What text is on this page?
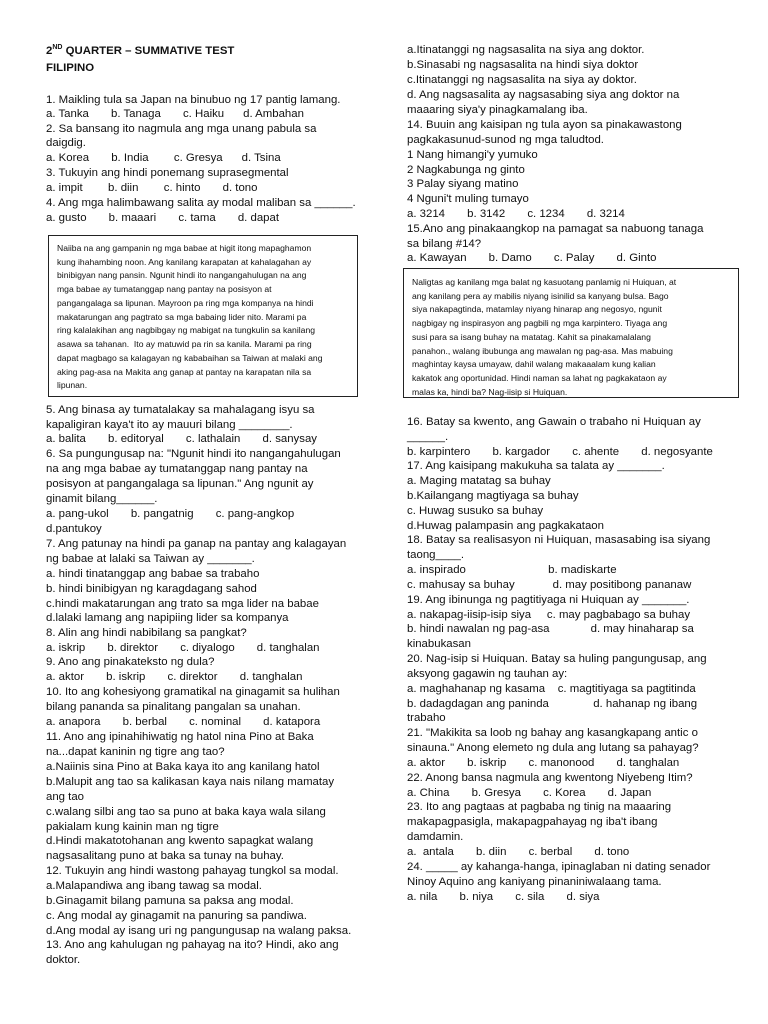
2ND QUARTER – SUMMATIVE TEST
FILIPINO
1. Maikling tula sa Japan na binubuo ng 17 pantig lamang.
a. Tanka       b. Tanaga       c. Haiku      d. Ambahan
2. Sa bansang ito nagmula ang mga unang pabula sa
daigdig.
a. Korea       b. India        c. Gresya      d. Tsina
3. Tukuyin ang hindi ponemang suprasegmental
a. impit        b. diin        c. hinto       d. tono
4. Ang mga halimbawang salita ay modal maliban sa ______.
a. gusto       b. maaari       c. tama       d. dapat
5. Ang binasa ay tumatalakay sa mahalagang isyu sa
kapaligiran kaya't ito ay mauuri bilang ________.
a. balita       b. editoryal       c. lathalain       d. sanysay
6. Sa pungungusap na: "Ngunit hindi ito nangangahulugan
na ang mga babae ay tumatanggap nang pantay na
posisyon at pangangalaga sa lipunan." Ang ngunit ay
ginamit bilang______.
a. pang-ukol       b. pangatnig       c. pang-angkop
d.pantukoy
7. Ang patunay na hindi pa ganap na pantay ang kalagayan
ng babae at lalaki sa Taiwan ay _______.
a. hindi tinatanggap ang babae sa trabaho
b. hindi binibigyan ng karagdagang sahod
c.hindi makatarungan ang trato sa mga lider na babae
d.lalaki lamang ang napipiing lider sa kompanya
8. Alin ang hindi nabibilang sa pangkat?
a. iskrip       b. direktor       c. diyalogo       d. tanghalan
9. Ano ang pinakateksto ng dula?
a. aktor       b. iskrip       c. direktor       d. tanghalan
10. Ito ang kohesiyong gramatikal na ginagamit sa hulihan
bilang pananda sa pinalitang pangalan sa unahan.
a. anapora       b. berbal       c. nominal       d. katapora
11. Ano ang ipinahihiwatig ng hatol nina Pino at Baka
na...dapat kaninin ng tigre ang tao?
a.Naiinis sina Pino at Baka kaya ito ang kanilang hatol
b.Malupit ang tao sa kalikasan kaya nais nilang mamatay
ang tao
c.walang silbi ang tao sa puno at baka kaya wala silang
pakialam kung kainin man ng tigre
d.Hindi makatotohanan ang kwento sapagkat walang
nagsasalitang puno at baka sa tunay na buhay.
12. Tukuyin ang hindi wastong pahayag tungkol sa modal.
a.Malapandiwa ang ibang tawag sa modal.
b.Ginagamit bilang pamuna sa paksa ang modal.
c. Ang modal ay ginagamit na panuring sa pandiwa.
d.Ang modal ay isang uri ng pangungusap na walang paksa.
13. Ano ang kahulugan ng pahayag na ito? Hindi, ako ang
doktor.
Naiiba na ang gampanin ng mga babae at higit itong mapaghamon
kung ihahambing noon. Ang kanilang karapatan at kahalagahan ay
binibigyan nang pansin. Ngunit hindi ito nangangahulugan na ang
mga babae ay tumatanggap nang pantay na posisyon at
pangangalaga sa lipunan. Mayroon pa ring mga kompanya na hindi
makatarungan ang pagtrato sa mga babaing lider nito. Marami pa
ring kalalakihan ang nagbibgay ng mabigat na tungkulin sa kanilang
asawa sa tahanan.  Ito ay matuwid pa rin sa kanila. Marami pa ring
dapat magbago sa kalagayan ng kababaihan sa Taiwan at malaki ang
aking pag-asa na Makita ang ganap at pantay na karapatan nila sa
lipunan.
a.Itinatanggi ng nagsasalita na siya ang doktor.
b.Sinasabi ng nagsasalita na hindi siya doktor
c.Itinatanggi ng nagsasalita na siya ay doktor.
d. Ang nagsasalita ay nagsasabing siya ang doktor na
maaaring siya'y pinagkamalang iba.
14. Buuin ang kaisipan ng tula ayon sa pinakawastong
pagkakasunud-sunod ng mga taludtod.
1 Nang himangi'y yumuko
2 Nagkabunga ng ginto
3 Palay siyang matino
4 Nguni't muling tumayo
a. 3214       b. 3142       c. 1234       d. 3214
15.Ano ang pinakaangkop na pamagat sa nabuong tanaga
sa bilang #14?
a. Kawayan       b. Damo       c. Palay       d. Ginto
16. Batay sa kwento, ang Gawain o trabaho ni Huiquan ay
______.
b. karpintero       b. kargador       c. ahente       d. negosyante
17. Ang kaisipang makukuha sa talata ay _______.
a. Maging matatag sa buhay
b.Kailangang magtiyaga sa buhay
c. Huwag susuko sa buhay
d.Huwag palampasin ang pagkakataon
18. Batay sa realisasyon ni Huiquan, masasabing isa siyang
taong____.
a. inspirado                          b. madiskarte
c. mahusay sa buhay            d. may positibong pananaw
19. Ang ibinunga ng pagtitiyaga ni Huiquan ay _______.
a. nakapag-iisip-isip siya     c. may pagbabago sa buhay
b. hindi nawalan ng pag-asa             d. may hinaharap sa
kinabukasan
20. Nag-isip si Huiquan. Batay sa huling pangungusap, ang
aksyong gagawin ng tauhan ay:
a. maghahanap ng kasama    c. magtitiyaga sa pagtitinda
b. dadagdagan ang paninda              d. hahanap ng ibang
trabaho
21. "Makikita sa loob ng bahay ang kasangkapang antic o
sinauna." Anong elemeto ng dula ang lutang sa pahayag?
a. aktor       b. iskrip       c. manonood       d. tanghalan
22. Anong bansa nagmula ang kwentong Niyebeng Itim?
a. China       b. Gresya       c. Korea       d. Japan
23. Ito ang pagtaas at pagbaba ng tinig na maaaring
makapagpasigla, makapagpahayag ng iba't ibang
damdamin.
a.  antala       b. diin       c. berbal       d. tono
24. _____ ay kahanga-hanga, ipinaglaban ni dating senador
Ninoy Aquino ang kaniyang pinaniniwalaang tama.
a. nila       b. niya       c. sila       d. siya
Naligtas ag kanilang mga balat ng kasuotang panlamig ni Huiquan, at
ang kanilang pera ay mabilis niyang isinilid sa kanyang bulsa. Bago
siya nakapagtinda, matamlay niyang hinarap ang negosyo, ngunit
nagbigay ng inspirasyon ang pagbili ng mga karpintero. Tiyaga ang
susi para sa isang buhay na matatag. Kahit sa pinakamalalang
panahon., walang ibubunga ang mawalan ng pag-asa. Mas mabuing
maghintay kaysa umayaw, dahil walang makaaalam kung kalian
kakatok ang oportunidad. Hindi naman sa lahat ng pagkakataon ay
malas ka, hindi ba? Nag-iisip si Huiquan.
